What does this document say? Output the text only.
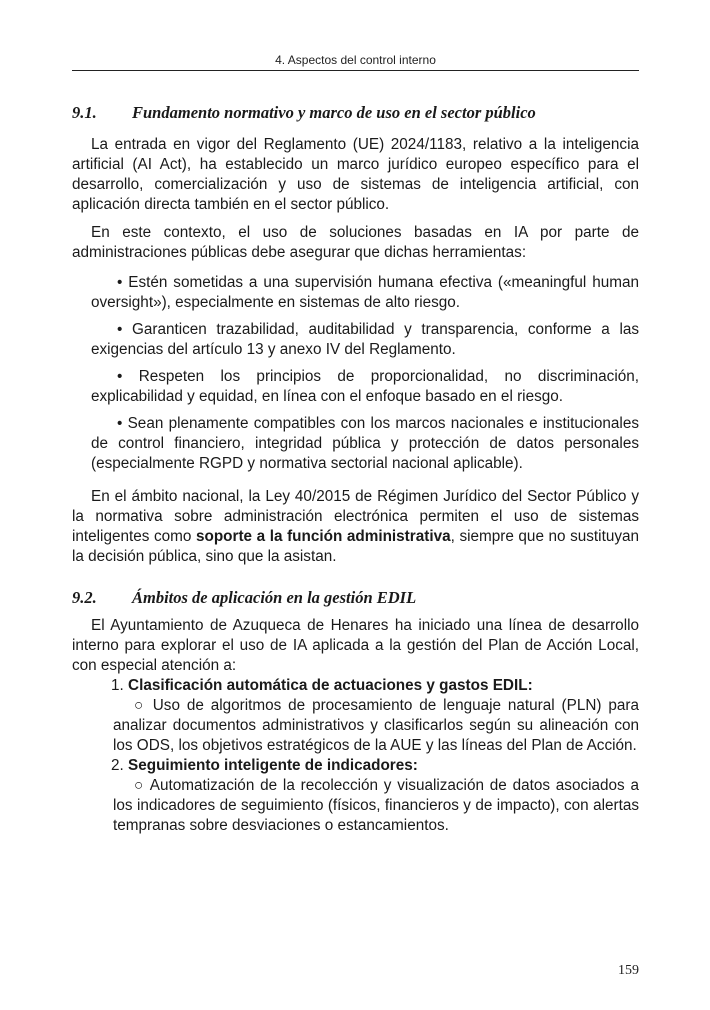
4. Aspectos del control interno
9.1.	Fundamento normativo y marco de uso en el sector público

La entrada en vigor del Reglamento (UE) 2024/1183, relativo a la inteligencia artificial (AI Act), ha establecido un marco jurídico europeo específico para el desarrollo, comercialización y uso de sistemas de inteligencia artificial, con aplicación directa también en el sector público.

En este contexto, el uso de soluciones basadas en IA por parte de administraciones públicas debe asegurar que dichas herramientas:

• Estén sometidas a una supervisión humana efectiva («meaningful human oversight»), especialmente en sistemas de alto riesgo.

• Garanticen trazabilidad, auditabilidad y transparencia, conforme a las exigencias del artículo 13 y anexo IV del Reglamento.

• Respeten los principios de proporcionalidad, no discriminación, explicabilidad y equidad, en línea con el enfoque basado en el riesgo.

• Sean plenamente compatibles con los marcos nacionales e institucionales de control financiero, integridad pública y protección de datos personales (especialmente RGPD y normativa sectorial nacional aplicable).

En el ámbito nacional, la Ley 40/2015 de Régimen Jurídico del Sector Público y la normativa sobre administración electrónica permiten el uso de sistemas inteligentes como soporte a la función administrativa, siempre que no sustituyan la decisión pública, sino que la asistan.

9.2.	Ámbitos de aplicación en la gestión EDIL

El Ayuntamiento de Azuqueca de Henares ha iniciado una línea de desarrollo interno para explorar el uso de IA aplicada a la gestión del Plan de Acción Local, con especial atención a:

1. Clasificación automática de actuaciones y gastos EDIL:

○ Uso de algoritmos de procesamiento de lenguaje natural (PLN) para analizar documentos administrativos y clasificarlos según su alineación con los ODS, los objetivos estratégicos de la AUE y las líneas del Plan de Acción.

2. Seguimiento inteligente de indicadores:

○ Automatización de la recolección y visualización de datos asociados a los indicadores de seguimiento (físicos, financieros y de impacto), con alertas tempranas sobre desviaciones o estancamientos.

159
